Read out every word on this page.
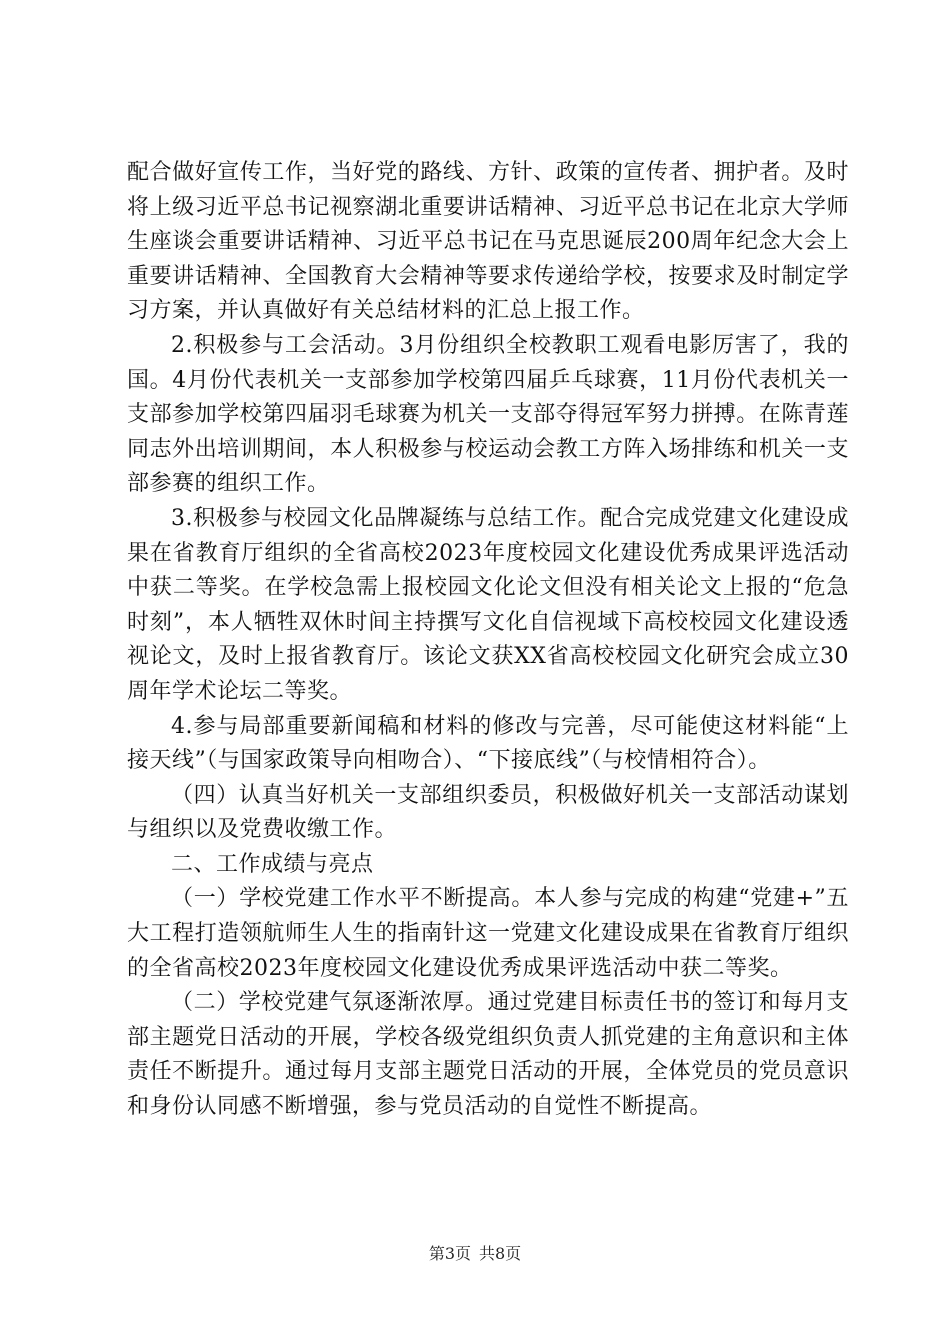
配合做好宣传工作，当好党的路线、方针、政策的宣传者、拥护者。及时将上级习近平总书记视察湖北重要讲话精神、习近平总书记在北京大学师生座谈会重要讲话精神、习近平总书记在马克思诞辰200周年纪念大会上重要讲话精神、全国教育大会精神等要求传递给学校，按要求及时制定学习方案，并认真做好有关总结材料的汇总上报工作。

2.积极参与工会活动。3月份组织全校教职工观看电影厉害了，我的国。4月份代表机关一支部参加学校第四届乒乓球赛，11月份代表机关一支部参加学校第四届羽毛球赛为机关一支部夺得冠军努力拼搏。在陈青莲同志外出培训期间，本人积极参与校运动会教工方阵入场排练和机关一支部参赛的组织工作。

3.积极参与校园文化品牌凝练与总结工作。配合完成党建文化建设成果在省教育厅组织的全省高校2023年度校园文化建设优秀成果评选活动中获二等奖。在学校急需上报校园文化论文但没有相关论文上报的“危急时刻”，本人牺牲双休时间主持撰写文化自信视域下高校校园文化建设透视论文，及时上报省教育厅。该论文获XX省高校校园文化研究会成立30周年学术论坛二等奖。

4.参与局部重要新闻稿和材料的修改与完善，尽可能使这材料能“上接天线”（与国家政策导向相吻合）、“下接底线”（与校情相符合）。

（四）认真当好机关一支部组织委员，积极做好机关一支部活动谋划与组织以及党费收缴工作。

二、工作成绩与亮点

（一）学校党建工作水平不断提高。本人参与完成的构建“党建+”五大工程打造领航师生人生的指南针这一党建文化建设成果在省教育厅组织的全省高校2023年度校园文化建设优秀成果评选活动中获二等奖。

（二）学校党建气氛逐渐浓厚。通过党建目标责任书的签订和每月支部主题党日活动的开展，学校各级党组织负责人抓党建的主角意识和主体责任不断提升。通过每月支部主题党日活动的开展，全体党员的党员意识和身份认同感不断增强，参与党员活动的自觉性不断提高。

第3页 共8页
